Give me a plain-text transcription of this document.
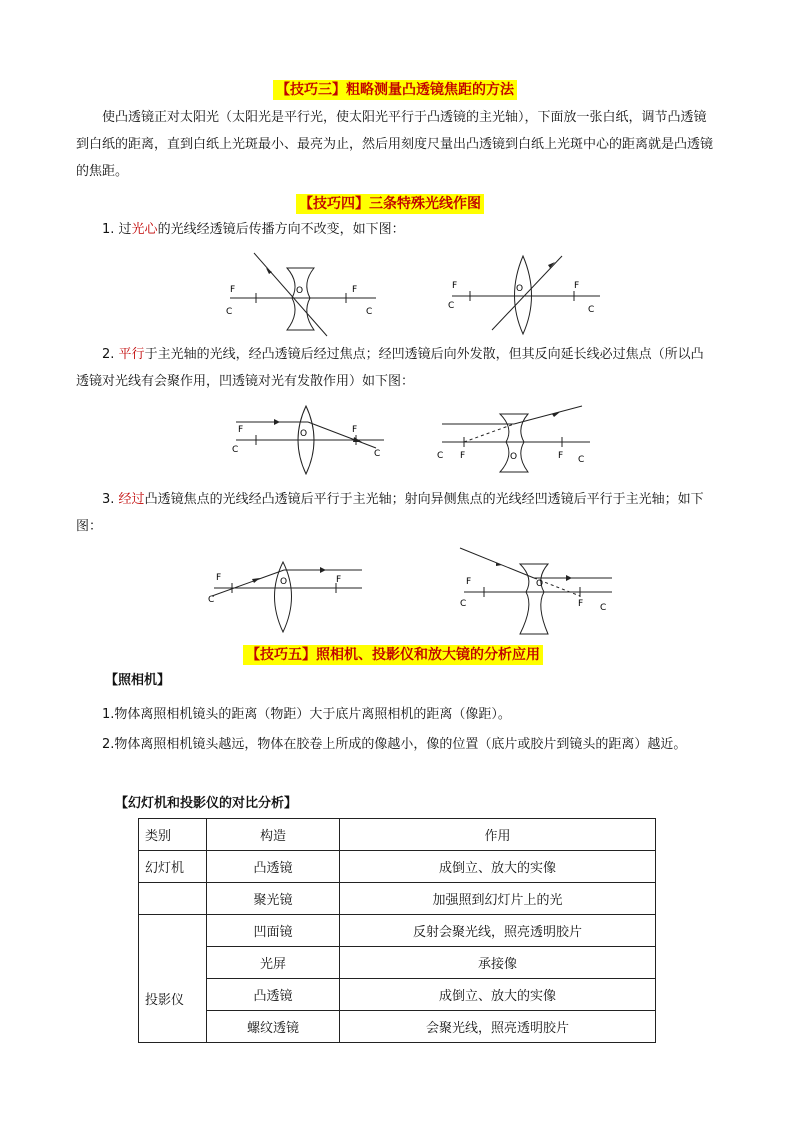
【技巧三】粗略测量凸透镜焦距的方法
使凸透镜正对太阳光（太阳光是平行光，使太阳光平行于凸透镜的主光轴），下面放一张白纸，调节凸透镜到白纸的距离，直到白纸上光斑最小、最亮为止，然后用刻度尺量出凸透镜到白纸上光斑中心的距离就是凸透镜的焦距。
【技巧四】三条特殊光线作图
1. 过光心的光线经透镜后传播方向不改变，如下图：
F	F
O
C	C
F	F
O
C	C
2. 平行于主光轴的光线，经凸透镜后经过焦点；经凹透镜后向外发散，但其反向延长线必过焦点（所以凸透镜对光线有会聚作用，凹透镜对光有发散作用）如下图：
F	F
O
C	C	F	F
O
C	C
3. 经过凸透镜焦点的光线经凸透镜后平行于主光轴；射向异侧焦点的光线经凹透镜后平行于主光轴；如下图：
F	F
O
C
F
F
O
C	C
【技巧五】照相机、投影仪和放大镜的分析应用
【照相机】
1.物体离照相机镜头的距离（物距）大于底片离照相机的距离（像距）。
2.物体离照相机镜头越远，物体在胶卷上所成的像越小，像的位置（底片或胶片到镜头的距离）越近。
【幻灯机和投影仪的对比分析】
类别	构造	作用
幻灯机	凸透镜	成倒立、放大的实像
	聚光镜	加强照到幻灯片上的光
投影仪	凹面镜	反射会聚光线，照亮透明胶片
	光屏	承接像
	凸透镜	成倒立、放大的实像
	螺纹透镜	会聚光线，照亮透明胶片
